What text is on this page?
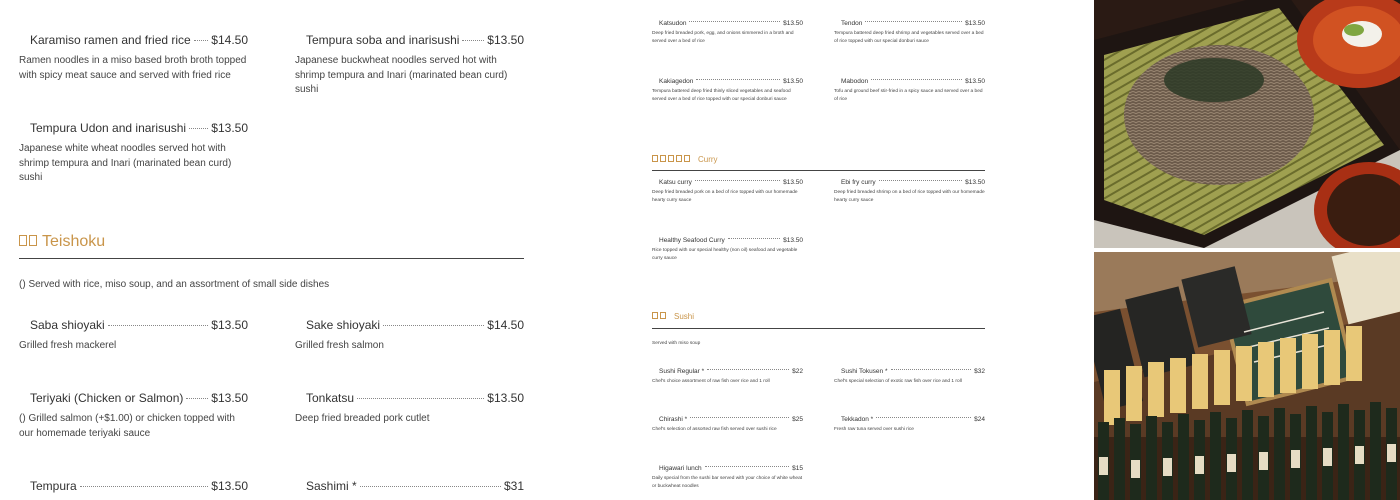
Karamiso ramen and fried rice $14.50
Ramen noodles in a miso based broth broth topped with spicy meat sauce and served with fried rice
Tempura soba and inarisushi $13.50
Japanese buckwheat noodles served hot with shrimp tempura and Inari (marinated bean curd) sushi
Tempura Udon and inarisushi $13.50
Japanese white wheat noodles served hot with shrimp tempura and Inari (marinated bean curd) sushi
Teishoku
() Served with rice, miso soup, and an assortment of small side dishes
Saba shioyaki	$13.50
Grilled fresh mackerel
Sake shioyaki	$14.50
Grilled fresh salmon
Teriyaki (Chicken or Salmon) $13.50
() Grilled salmon (+$1.00) or chicken topped with our homemade teriyaki sauce
Tonkatsu	$13.50
Deep fried breaded pork cutlet
Tempura	$13.50	Sashimi *	$31
Katsudon	$13.50
Deep fried breaded pork, egg, and onions simmered in a broth and served over a bed of rice
Tendon	$13.50
Tempura battered deep fried shrimp and vegetables served over a bed of rice topped with our special donburi sauce
Kakiagedon	$13.50
Tempura battered deep fried thinly sliced vegetables and seafood served over a bed of rice topped with our special donburi sauce
Mabodon	$13.50
Tofu and ground beef stir-fried in a spicy sauce and served over a bed of rice
Curry
Katsu curry	$13.50
Deep fried breaded pork on a bed of rice topped with our homemade hearty curry sauce
Ebi fry curry	$13.50
Deep fried breaded shrimp on a bed of rice topped with our homemade hearty curry sauce
Healthy Seafood Curry	$13.50
Rice topped with our special healthy (non oil) seafood and vegetable curry sauce
Sushi
Served with miso soup
Sushi Regular *	$22
Chef's choice assortment of raw fish over rice and 1 roll
Sushi Tokusen *	$32
Chef's special selection of exotic raw fish over rice and 1 roll
Chirashi *	$25
Chef's selection of assorted raw fish served over sushi rice
Tekkadon *	$24
Fresh raw tuna served over sushi rice
Higawari lunch	$15
Daily special from the sushi bar served with your choice of white wheat or buckwheat noodles
